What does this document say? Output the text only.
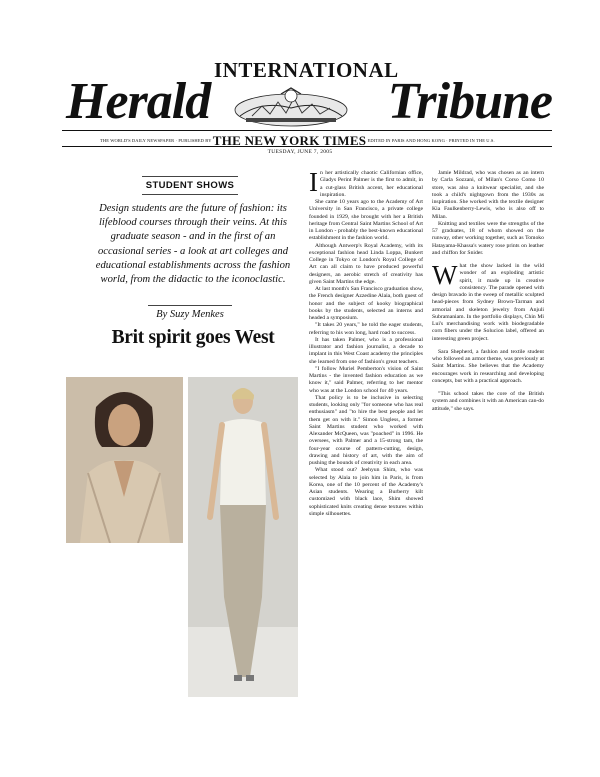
INTERNATIONAL
Herald	Tribune
THE WORLD'S DAILY NEWSPAPER · PUBLISHED BY THE NEW YORK TIMES EDITED IN PARIS AND HONG KONG · PRINTED IN THE U.S.
TUESDAY, JUNE 7, 2005
STUDENT SHOWS
Design students are the future of fashion: its lifeblood courses through their veins. At this graduate season - and in the first of an occasional series - a look at art colleges and educational establishments across the fashion world, from the didactic to the iconoclastic.
By Suzy Menkes
Brit spirit goes West

In her artistically chaotic Californian office, Gladys Perint Palmer is the first to admit, in a cut-glass British accent, her educational inspiration.

She came 10 years ago to the Academy of Art University in San Francisco, a private college founded in 1929, she brought with her a British heritage from Central Saint Martins School of Art in London - probably the best-known educational establishment in the fashion world.

Although Antwerp's Royal Academy, with its exceptional fashion head Linda Loppa, Bunkert College in Tokyo or London's Royal College of Art can all claim to have produced powerful designers, an aerobic stretch of creativity has given Saint Martins the edge.

At last month's San Francisco graduation show, the French designer Azzedine Alaia, both guest of honor and the subject of kooky biographical books by the students, selected an interns and headed a symposium.

"It takes 20 years," he told the eager students, referring to his won long, hard road to success.

It has taken Palmer, who is a professional illustrator and fashion journalist, a decade to implant in this West Coast academy the principles she learned from one of fashion's great teachers.

"I follow Muriel Pemberton's vision of Saint Martins - the invented fashion education as we know it," said Palmer, referring to her mentor who was at the London school for 40 years.

That policy is to be inclusive in selecting students, looking only "for someone who has real enthusiasm" and "to hire the best people and let them get on with it." Simon Ungless, a former Saint Martins student who worked with Alexander McQueen, was "poached" in 1996. He oversees, with Palmer and a 15-strong tam, the four-year course of pattern-cutting, design, drawing and history of art, with the aim of pushing the bounds of creativity in each area.

What stood out? Jeehyun Shim, who was selected by Alaia to join him in Paris, is from Korea, one of the 10 percent of the Academy's Asian students. Wearing a Burberry kilt customized with black lace, Shim showed sophisticated knits creating dense textures within simple silhouettes.

Jamie Mildrad, who was chosen as an intern by Carla Sozzani, of Milan's Corso Como 10 store, was also a knitwear specialist, and she took a child's nightgown from the 1930s as inspiration. She worked with the textile designer Kia Faulkenberry-Lewis, who is also off to Milan.

Knitting and textiles were the strengths of the 57 graduates, 18 of whom showed on the runway, other working together, such as Tomoko Hatayama-Khassa's watery rose prints on leather and chiffon for Snider.

What the show lacked in the wild wonder of an exploding artistic spirit, it made up in creative consistency. The parade opened with design bravado in the sweep of metallic sculpted head-pieces from Sydney Brown-Tarman and armorial and skeleton jewelry from Anjuli Subramaniam. In the portfolio displays, Chin Mi Lui's merchandising work with biodegradable corn fibers under the Solucion label, offered an interesting green project.

Sara Shepherd, a fashion and textile student who followed an armor theme, was previously at Saint Martins. She believes that the Academy encourages work in researching and developing concepts, but with a practical approach.

"This school takes the core of the British system and combines it with an American can-do attitude," she says.
